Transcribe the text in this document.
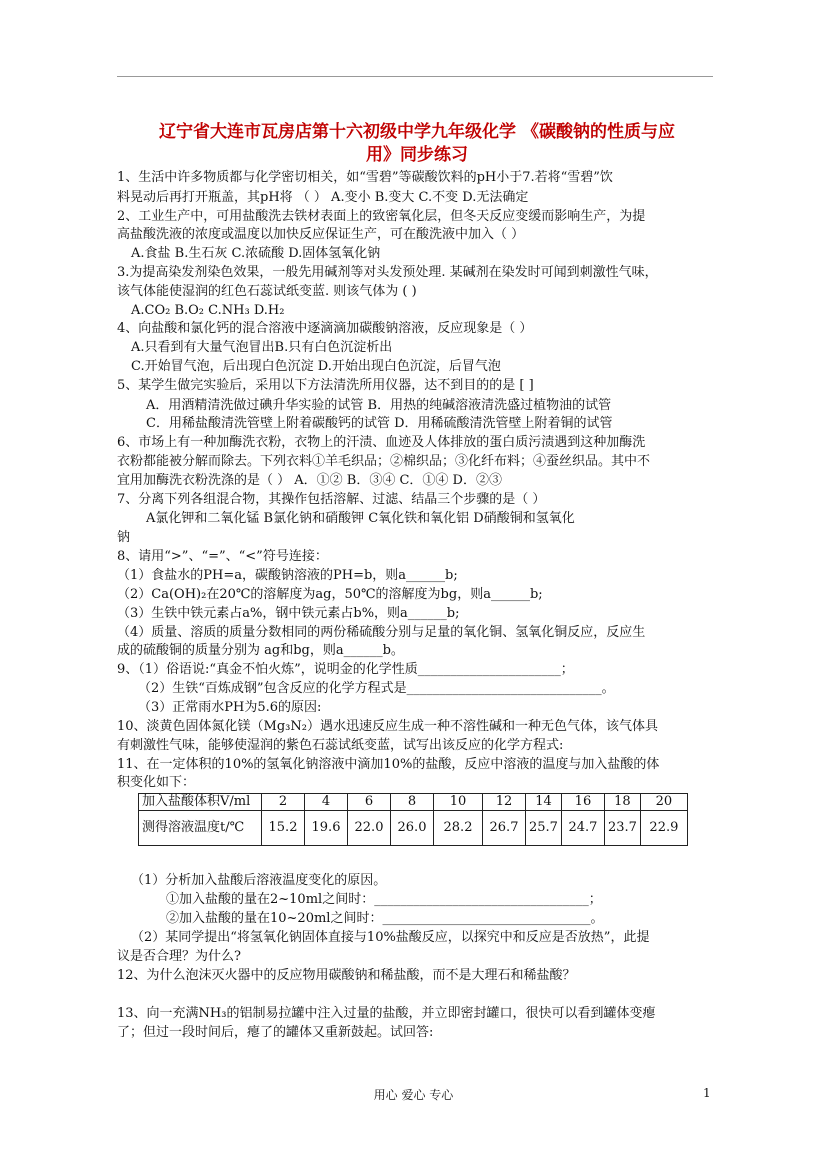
辽宁省大连市瓦房店第十六初级中学九年级化学 《碳酸钠的性质与应
用》同步练习
1、生活中许多物质都与化学密切相关，如“雪碧”等碳酸饮料的pH小于7.若将“雪碧”饮
料晃动后再打开瓶盖，其pH将 （ ） A.变小 B.变大 C.不变 D.无法确定
2、工业生产中，可用盐酸洗去铁材表面上的致密氧化层，但冬天反应变缓而影响生产，为提
高盐酸洗液的浓度或温度以加快反应保证生产，可在酸洗液中加入（ ）
A.食盐 B.生石灰 C.浓硫酸 D.固体氢氧化钠
3.为提高染发剂染色效果，一般先用碱剂等对头发预处理. 某碱剂在染发时可闻到刺激性气味，
该气体能使湿润的红色石蕊试纸变蓝. 则该气体为 ( )
A.CO₂ B.O₂ C.NH₃ D.H₂
4、向盐酸和氯化钙的混合溶液中逐滴滴加碳酸钠溶液，反应现象是（ ）
A.只看到有大量气泡冒出B.只有白色沉淀析出
C.开始冒气泡，后出现白色沉淀 D.开始出现白色沉淀，后冒气泡
5、某学生做完实验后，采用以下方法清洗所用仪器，达不到目的的是 [ ]
A．用酒精清洗做过碘升华实验的试管 B．用热的纯碱溶液清洗盛过植物油的试管
C．用稀盐酸清洗管壁上附着碳酸钙的试管 D．用稀硫酸清洗管壁上附着铜的试管
6、市场上有一种加酶洗衣粉，衣物上的汗渍、血迹及人体排放的蛋白质污渍遇到这种加酶洗
衣粉都能被分解而除去。下列衣料①羊毛织品；②棉织品；③化纤布料；④蚕丝织品。其中不
宜用加酶洗衣粉洗涤的是（ ） A．①② B．③④ C．①④ D．②③
7、分离下列各组混合物，其操作包括溶解、过滤、结晶三个步骤的是（ ）
A氯化钾和二氧化锰 B氯化钠和硝酸钾 C氧化铁和氧化铝 D硝酸铜和氢氧化
钠
8、请用“>”、“=”、“<”符号连接：
（1）食盐水的PH=a，碳酸钠溶液的PH=b，则a______b;
（2）Ca(OH)₂在20℃的溶解度为ag，50℃的溶解度为bg，则a______b;
（3）生铁中铁元素占a%，钢中铁元素占b%，则a______b;
（4）质量、溶质的质量分数相同的两份稀硫酸分别与足量的氧化铜、氢氧化铜反应，反应生
成的硫酸铜的质量分别为 ag和bg，则a______b。
9、（1）俗语说:“真金不怕火炼”，说明金的化学性质______________________；
（2）生铁“百炼成钢”包含反应的化学方程式是______________________________。
（3）正常雨水PH为5.6的原因:
10、淡黄色固体氮化镁（Mg₃N₂）遇水迅速反应生成一种不溶性碱和一种无色气体，该气体具
有刺激性气味，能够使湿润的紫色石蕊试纸变蓝，试写出该反应的化学方程式:
11、在一定体积的10%的氢氧化钠溶液中滴加10%的盐酸，反应中溶液的温度与加入盐酸的体
积变化如下：
加入盐酸体积V/ml	2	4	6	8	10	12	14	16	18	20
测得溶液温度t/℃	15.2	19.6	22.0	26.0	28.2	26.7	25.7	24.7	23.7	22.9
（1）分析加入盐酸后溶液温度变化的原因。
①加入盐酸的量在2~10ml之间时：_________________________________；
②加入盐酸的量在10~20ml之间时：________________________________。
（2）某同学提出“将氢氧化钠固体直接与10%盐酸反应，以探究中和反应是否放热”，此提
议是否合理？为什么?
12、为什么泡沫灭火器中的反应物用碳酸钠和稀盐酸，而不是大理石和稀盐酸？
13、向一充满NH₃的铝制易拉罐中注入过量的盐酸，并立即密封罐口，很快可以看到罐体变瘪
了；但过一段时间后，瘪了的罐体又重新鼓起。试回答:
用心 爱心 专心	1
